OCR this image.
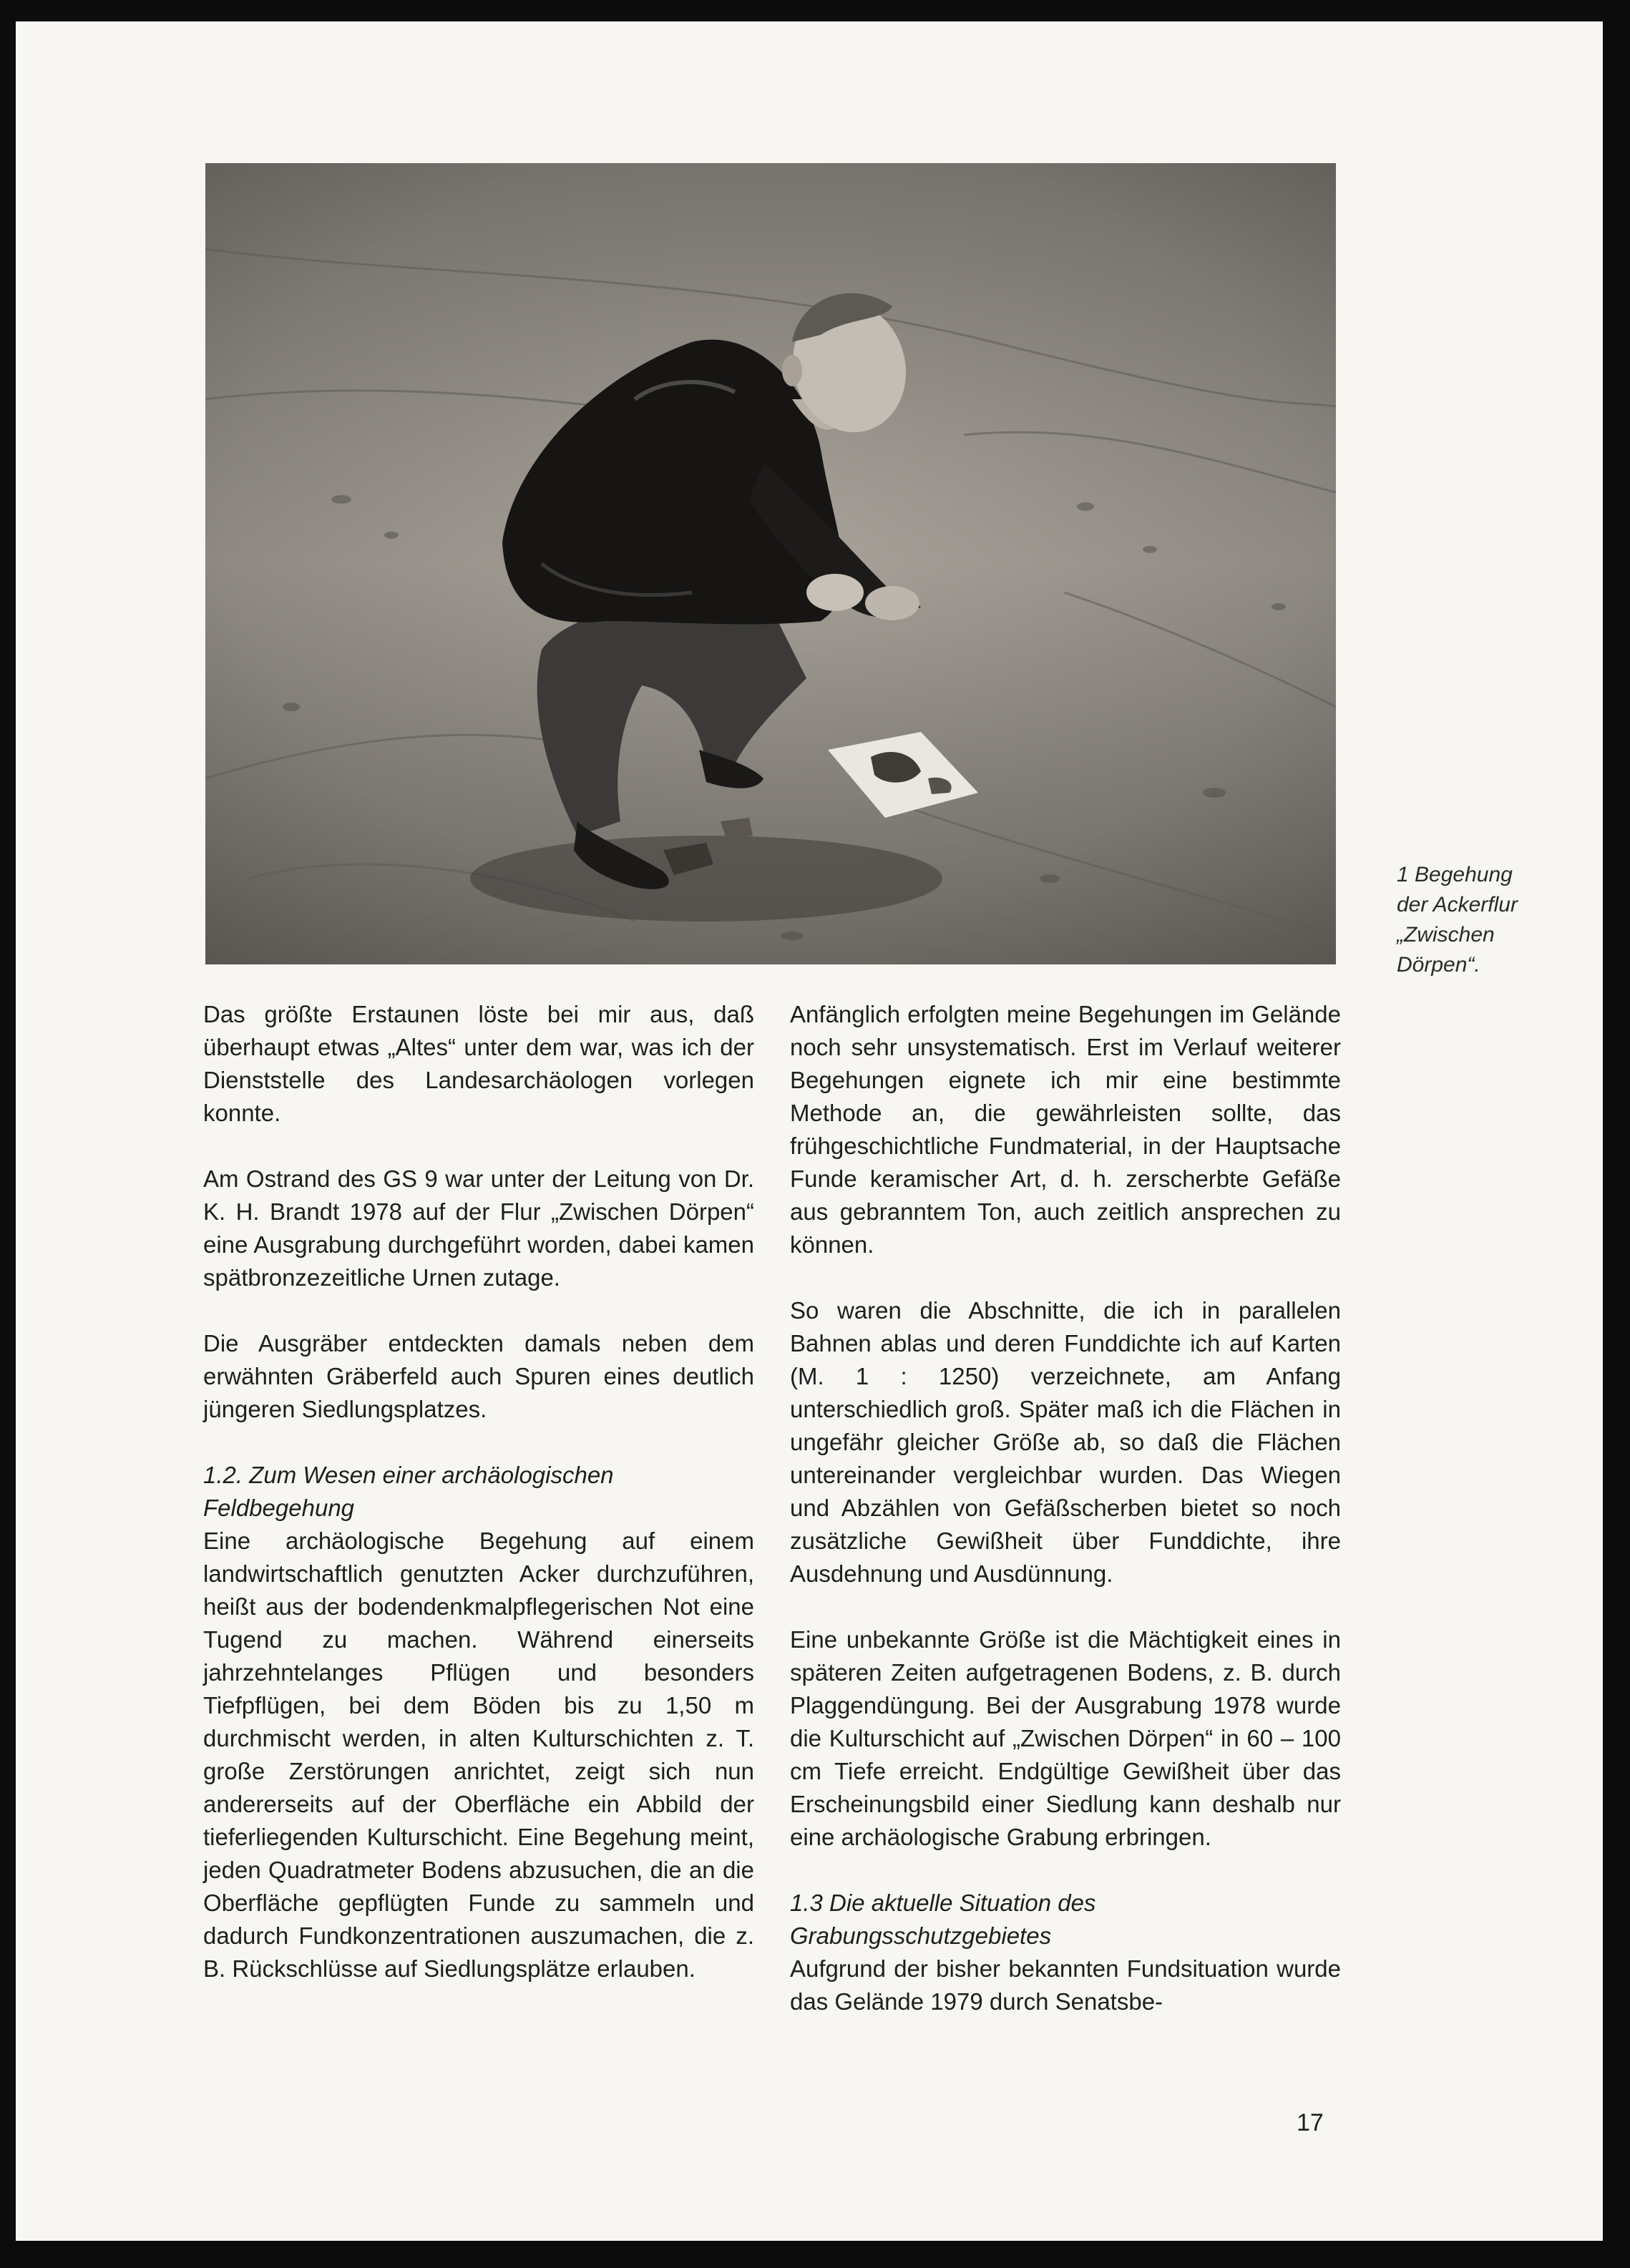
1 Begehung
der Ackerflur
„Zwischen
Dörpen“.

Das größte Erstaunen löste bei mir aus, daß überhaupt etwas „Altes“ unter dem war, was ich der Dienststelle des Landesarchäologen vorlegen konnte.

Am Ostrand des GS 9 war unter der Leitung von Dr. K. H. Brandt 1978 auf der Flur „Zwischen Dörpen“ eine Ausgrabung durchgeführt worden, dabei kamen spätbronzezeitliche Urnen zutage.

Die Ausgräber entdeckten damals neben dem erwähnten Gräberfeld auch Spuren eines deutlich jüngeren Siedlungsplatzes.

1.2. Zum Wesen einer archäologischen Feldbegehung

Eine archäologische Begehung auf einem landwirtschaftlich genutzten Acker durchzuführen, heißt aus der bodendenkmalpflegerischen Not eine Tugend zu machen. Während einerseits jahrzehntelanges Pflügen und besonders Tiefpflügen, bei dem Böden bis zu 1,50 m durchmischt werden, in alten Kulturschichten z. T. große Zerstörungen anrichtet, zeigt sich nun andererseits auf der Oberfläche ein Abbild der tieferliegenden Kulturschicht. Eine Begehung meint, jeden Quadratmeter Bodens abzusuchen, die an die Oberfläche gepflügten Funde zu sammeln und dadurch Fundkonzentrationen auszumachen, die z. B. Rückschlüsse auf Siedlungsplätze erlauben.

Anfänglich erfolgten meine Begehungen im Gelände noch sehr unsystematisch. Erst im Verlauf weiterer Begehungen eignete ich mir eine bestimmte Methode an, die gewährleisten sollte, das frühgeschichtliche Fundmaterial, in der Hauptsache Funde keramischer Art, d. h. zerscherbte Gefäße aus gebranntem Ton, auch zeitlich ansprechen zu können.

So waren die Abschnitte, die ich in parallelen Bahnen ablas und deren Funddichte ich auf Karten (M. 1 : 1250) verzeichnete, am Anfang unterschiedlich groß. Später maß ich die Flächen in ungefähr gleicher Größe ab, so daß die Flächen untereinander vergleichbar wurden. Das Wiegen und Abzählen von Gefäßscherben bietet so noch zusätzliche Gewißheit über Funddichte, ihre Ausdehnung und Ausdünnung.

Eine unbekannte Größe ist die Mächtigkeit eines in späteren Zeiten aufgetragenen Bodens, z. B. durch Plaggendüngung. Bei der Ausgrabung 1978 wurde die Kulturschicht auf „Zwischen Dörpen“ in 60 – 100 cm Tiefe erreicht. Endgültige Gewißheit über das Erscheinungsbild einer Siedlung kann deshalb nur eine archäologische Grabung erbringen.

1.3 Die aktuelle Situation des Grabungsschutzgebietes

Aufgrund der bisher bekannten Fundsituation wurde das Gelände 1979 durch Senatsbe-

17
